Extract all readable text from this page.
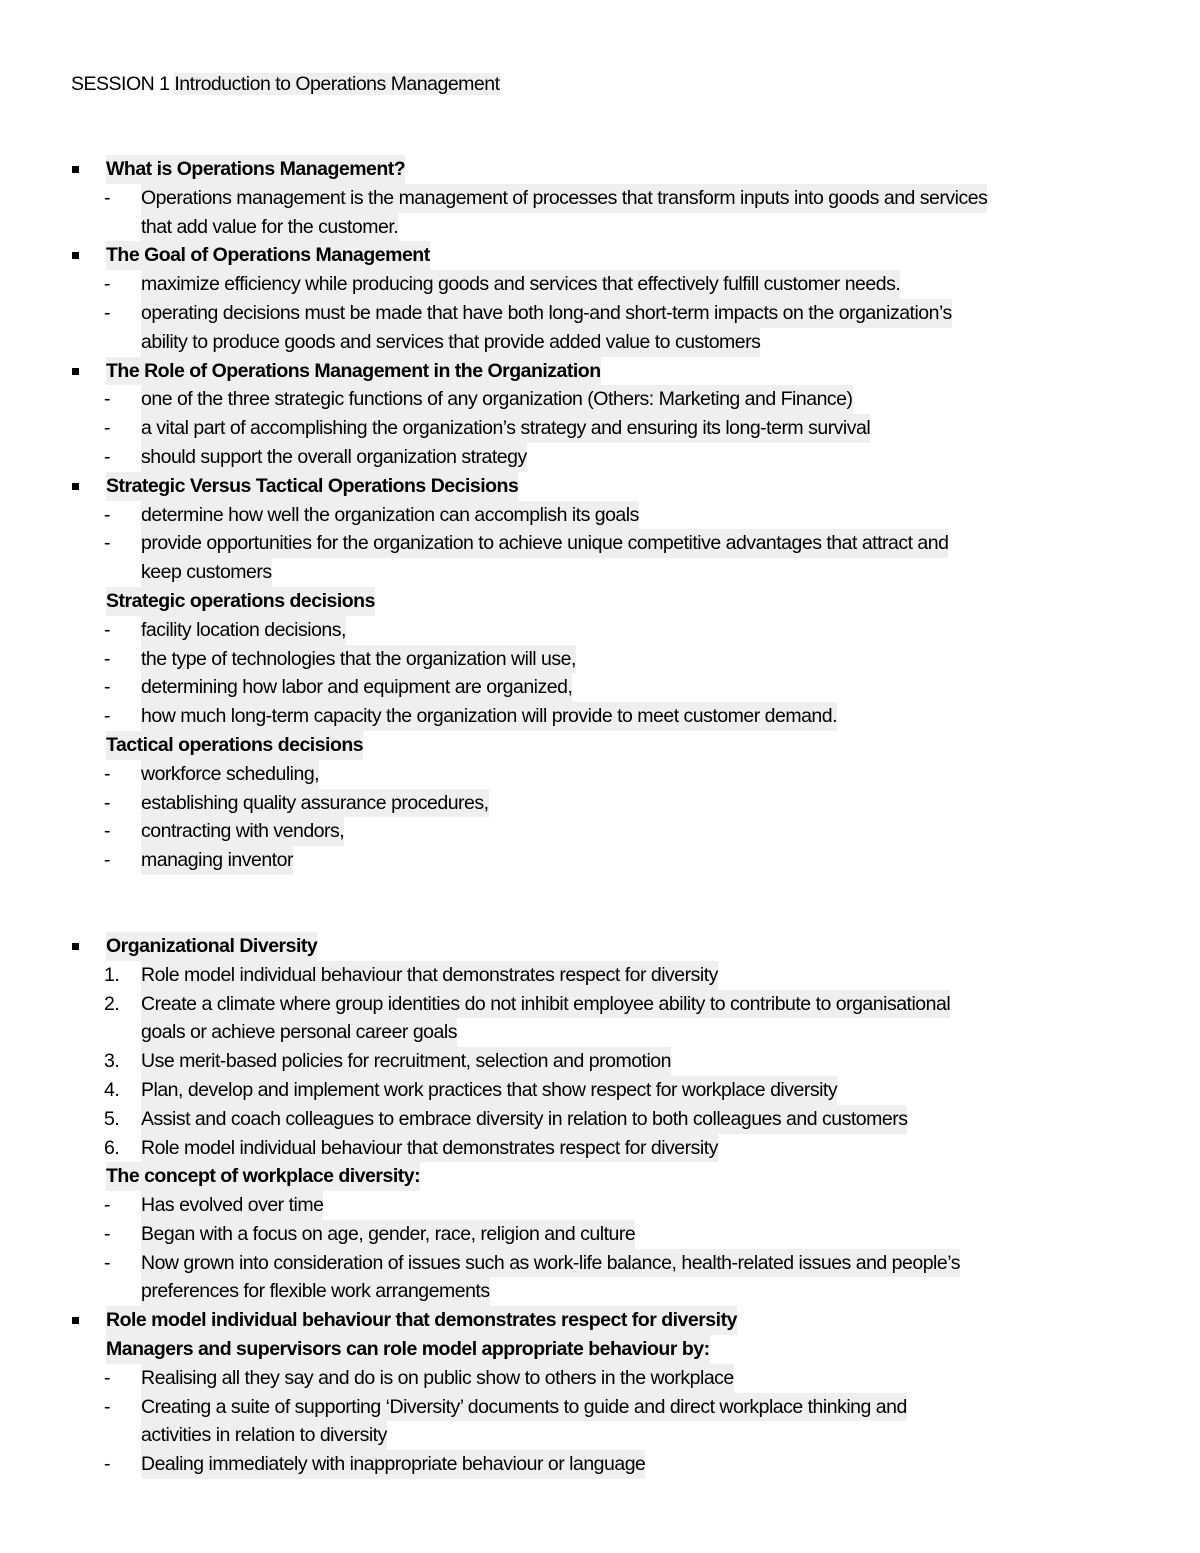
SESSION 1 Introduction to Operations Management
What is Operations Management?
- Operations management is the management of processes that transform inputs into goods and services
that add value for the customer.
The Goal of Operations Management
- maximize efficiency while producing goods and services that effectively fulfill customer needs.
- operating decisions must be made that have both long-and short-term impacts on the organization’s
ability to produce goods and services that provide added value to customers
The Role of Operations Management in the Organization
- one of the three strategic functions of any organization (Others: Marketing and Finance)
- a vital part of accomplishing the organization’s strategy and ensuring its long-term survival
- should support the overall organization strategy
Strategic Versus Tactical Operations Decisions
- determine how well the organization can accomplish its goals
- provide opportunities for the organization to achieve unique competitive advantages that attract and
keep customers
Strategic operations decisions
- facility location decisions,
- the type of technologies that the organization will use,
- determining how labor and equipment are organized,
- how much long-term capacity the organization will provide to meet customer demand.
Tactical operations decisions
- workforce scheduling,
- establishing quality assurance procedures,
- contracting with vendors,
- managing inventor
Organizational Diversity
1. Role model individual behaviour that demonstrates respect for diversity
2. Create a climate where group identities do not inhibit employee ability to contribute to organisational
goals or achieve personal career goals
3. Use merit-based policies for recruitment, selection and promotion
4. Plan, develop and implement work practices that show respect for workplace diversity
5. Assist and coach colleagues to embrace diversity in relation to both colleagues and customers
6. Role model individual behaviour that demonstrates respect for diversity
The concept of workplace diversity:
- Has evolved over time
- Began with a focus on age, gender, race, religion and culture
- Now grown into consideration of issues such as work-life balance, health-related issues and people’s
preferences for flexible work arrangements
Role model individual behaviour that demonstrates respect for diversity
Managers and supervisors can role model appropriate behaviour by:
- Realising all they say and do is on public show to others in the workplace
- Creating a suite of supporting ‘Diversity’ documents to guide and direct workplace thinking and
activities in relation to diversity
- Dealing immediately with inappropriate behaviour or language
